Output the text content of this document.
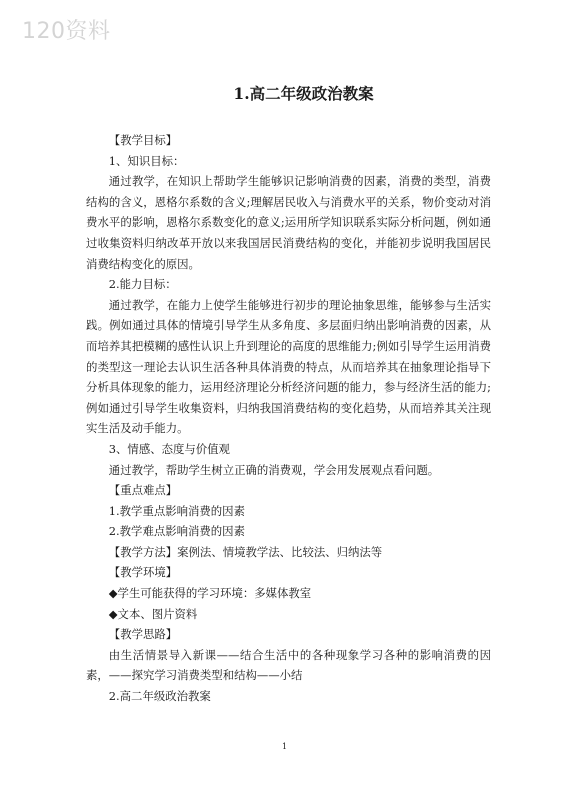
120资料
1.高二年级政治教案

【教学目标】

1、知识目标：

通过教学，在知识上帮助学生能够识记影响消费的因素，消费的类型，消费结构的含义，恩格尔系数的含义;理解居民收入与消费水平的关系，物价变动对消费水平的影响，恩格尔系数变化的意义;运用所学知识联系实际分析问题，例如通过收集资料归纳改革开放以来我国居民消费结构的变化，并能初步说明我国居民消费结构变化的原因。

2.能力目标：

通过教学，在能力上使学生能够进行初步的理论抽象思维，能够参与生活实践。例如通过具体的情境引导学生从多角度、多层面归纳出影响消费的因素，从而培养其把模糊的感性认识上升到理论的高度的思维能力;例如引导学生运用消费的类型这一理论去认识生活各种具体消费的特点，从而培养其在抽象理论指导下分析具体现象的能力，运用经济理论分析经济问题的能力，参与经济生活的能力;例如通过引导学生收集资料，归纳我国消费结构的变化趋势，从而培养其关注现实生活及动手能力。

3、情感、态度与价值观

通过教学，帮助学生树立正确的消费观，学会用发展观点看问题。

【重点难点】

1.教学重点影响消费的因素

2.教学难点影响消费的因素

【教学方法】案例法、情境教学法、比较法、归纳法等

【教学环境】

◆学生可能获得的学习环境：多媒体教室

◆文本、图片资料

【教学思路】

由生活情景导入新课——结合生活中的各种现象学习各种的影响消费的因素，——探究学习消费类型和结构——小结

2.高二年级政治教案

1
